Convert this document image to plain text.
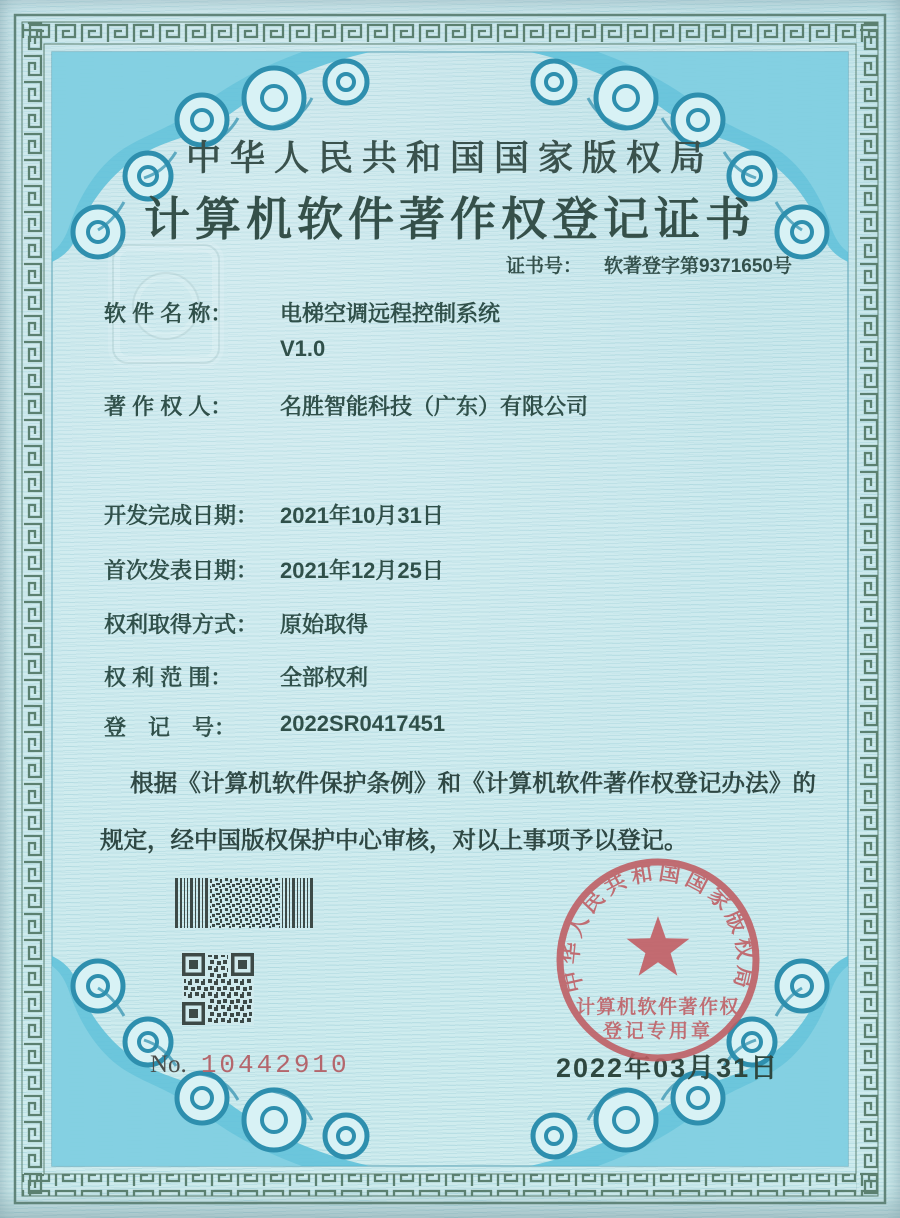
中华人民共和国国家版权局
计算机软件著作权登记证书
证书号： 软著登字第9371650号
软 件 名 称：	电梯空调远程控制系统
V1.0
著 作 权 人：	名胜智能科技（广东）有限公司
开发完成日期： 2021年10月31日
首次发表日期： 2021年12月25日
权利取得方式： 原始取得
权 利 范 围：	全部权利
登　记　号：	2022SR0417451
根据《计算机软件保护条例》和《计算机软件著作权登记办法》的规定，经中国版权保护中心审核，对以上事项予以登记。
No. 10442910	2022年03月31日
中华人民共和国国家版权局
计算机软件著作权
登记专用章
